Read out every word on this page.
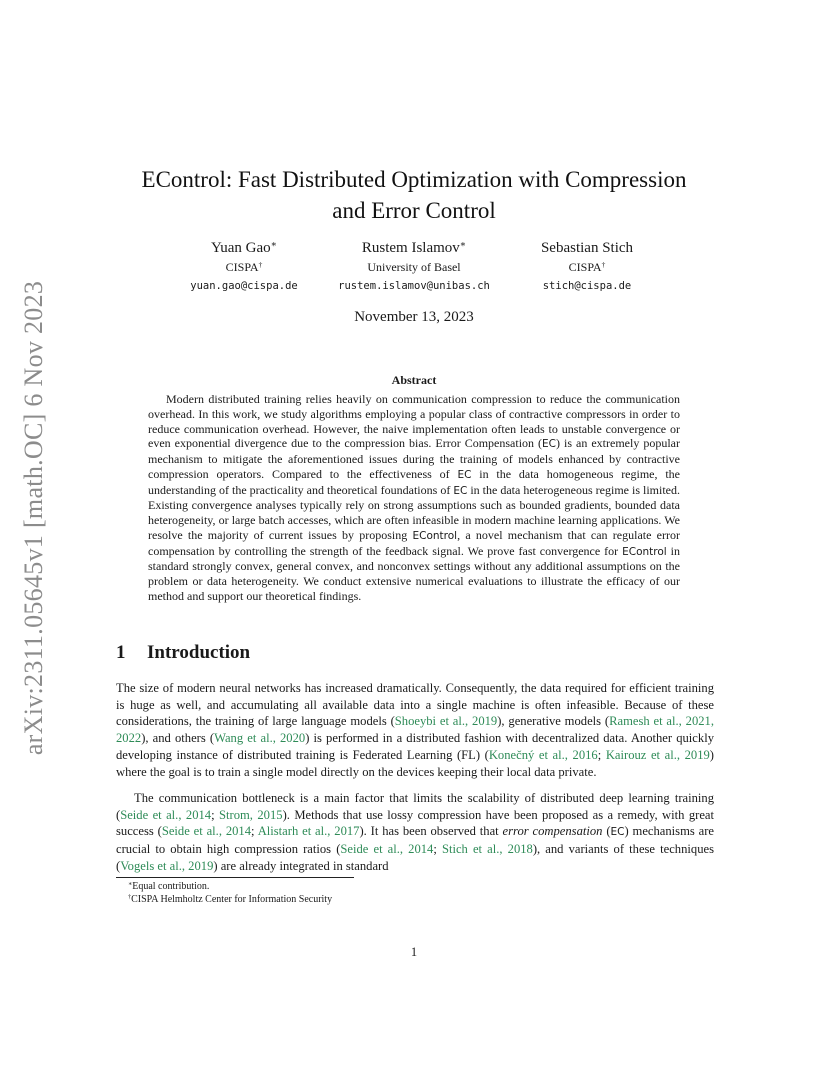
arXiv:2311.05645v1 [math.OC] 6 Nov 2023
EControl: Fast Distributed Optimization with Compression
and Error Control
Yuan Gao∗
CISPA†
yuan.gao@cispa.de
Rustem Islamov∗
University of Basel
rustem.islamov@unibas.ch
Sebastian Stich
CISPA†
stich@cispa.de
November 13, 2023
Abstract

Modern distributed training relies heavily on communication compression to reduce the communication overhead. In this work, we study algorithms employing a popular class of contractive compressors in order to reduce communication overhead. However, the naive implementation often leads to unstable convergence or even exponential divergence due to the compression bias. Error Compensation (EC) is an extremely popular mechanism to mitigate the aforementioned issues during the training of models enhanced by contractive compression operators. Compared to the effectiveness of EC in the data homogeneous regime, the understanding of the practicality and theoretical foundations of EC in the data heterogeneous regime is limited. Existing convergence analyses typically rely on strong assumptions such as bounded gradients, bounded data heterogeneity, or large batch accesses, which are often infeasible in modern machine learning applications. We resolve the majority of current issues by proposing EControl, a novel mechanism that can regulate error compensation by controlling the strength of the feedback signal. We prove fast convergence for EControl in standard strongly convex, general convex, and nonconvex settings without any additional assumptions on the problem or data heterogeneity. We conduct extensive numerical evaluations to illustrate the efficacy of our method and support our theoretical findings.

1 Introduction

The size of modern neural networks has increased dramatically. Consequently, the data required for efficient training is huge as well, and accumulating all available data into a single machine is often infeasible. Because of these considerations, the training of large language models (Shoeybi et al., 2019), generative models (Ramesh et al., 2021, 2022), and others (Wang et al., 2020) is performed in a distributed fashion with decentralized data. Another quickly developing instance of distributed training is Federated Learning (FL) (Konečný et al., 2016; Kairouz et al., 2019) where the goal is to train a single model directly on the devices keeping their local data private.

The communication bottleneck is a main factor that limits the scalability of distributed deep learning training (Seide et al., 2014; Strom, 2015). Methods that use lossy compression have been proposed as a remedy, with great success (Seide et al., 2014; Alistarh et al., 2017). It has been observed that error compensation (EC) mechanisms are crucial to obtain high compression ratios (Seide et al., 2014; Stich et al., 2018), and variants of these techniques (Vogels et al., 2019) are already integrated in standard

∗Equal contribution.
†CISPA Helmholtz Center for Information Security
1
